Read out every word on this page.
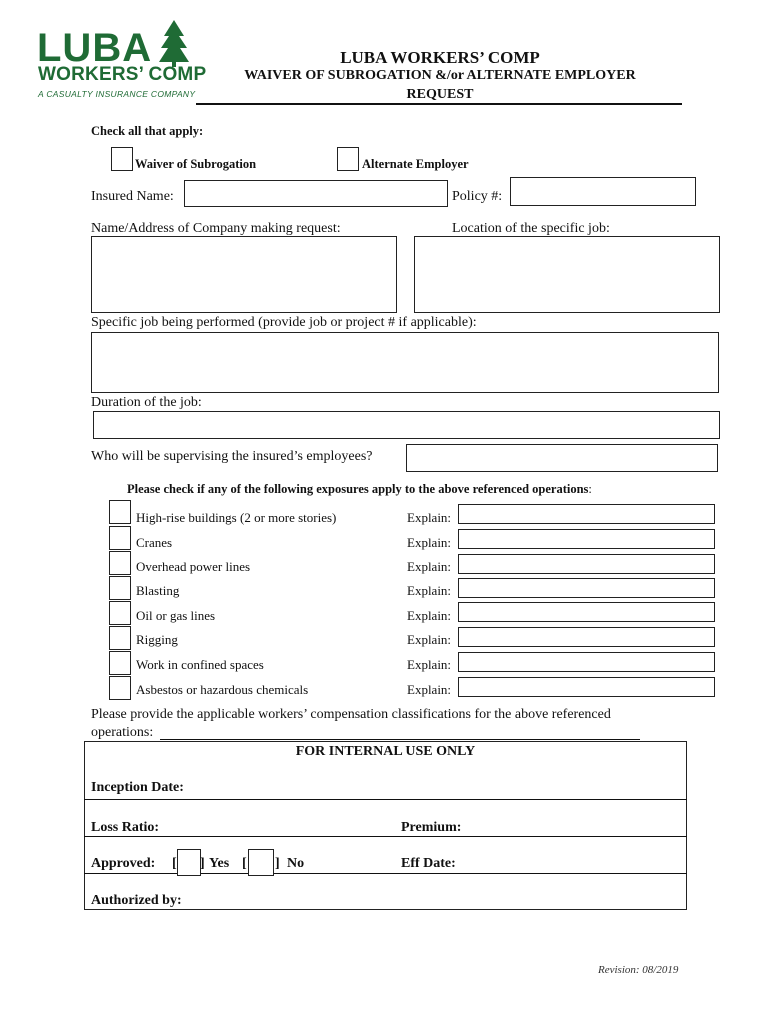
LUBA
WORKERS’ COMP
A CASUALTY INSURANCE COMPANY
LUBA WORKERS’ COMP
WAIVER OF SUBROGATION &/or ALTERNATE EMPLOYER
REQUEST
Check all that apply:
Waiver of Subrogation	Alternate Employer
Insured Name:	Policy #:
Name/Address of Company making request:	Location of the specific job:
Specific job being performed (provide job or project # if applicable):
Duration of the job:
Who will be supervising the insured’s employees?
Please check if any of the following exposures apply to the above referenced operations:
High-rise buildings (2 or more stories)	Explain:
Cranes	Explain:
Overhead power lines	Explain:
Blasting	Explain:
Oil or gas lines	Explain:
Rigging	Explain:
Work in confined spaces	Explain:
Asbestos or hazardous chemicals	Explain:
Please provide the applicable workers’ compensation classifications for the above referenced
operations:
FOR INTERNAL USE ONLY
Inception Date:
Loss Ratio:	Premium:
Approved: [ ] Yes [ ] No	Eff Date:
Authorized by:
Revision: 08/2019
